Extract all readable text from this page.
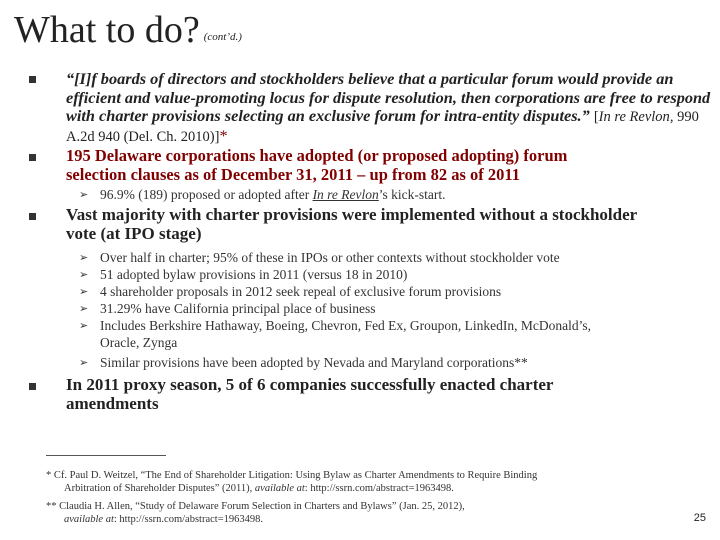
What to do? (cont’d.)
“[I]f boards of directors and stockholders believe that a particular forum would provide an efficient and value-promoting locus for dispute resolution, then corporations are free to respond with charter provisions selecting an exclusive forum for intra-entity disputes.” [In re Revlon, 990 A.2d 940 (Del. Ch. 2010)]*
195 Delaware corporations have adopted (or proposed adopting) forum
selection clauses as of December 31, 2011 – up from 82 as of 2011
➢ 96.9% (189) proposed or adopted after In re Revlon’s kick-start.
Vast majority with charter provisions were implemented without a stockholder
vote (at IPO stage)
➢ Over half in charter; 95% of these in IPOs or other contexts without stockholder vote
➢ 51 adopted bylaw provisions in 2011 (versus 18 in 2010)
➢ 4 shareholder proposals in 2012 seek repeal of exclusive forum provisions
➢ 31.29% have California principal place of business
➢ Includes Berkshire Hathaway, Boeing, Chevron, Fed Ex, Groupon, LinkedIn, McDonald’s,
Oracle, Zynga
➢ Similar provisions have been adopted by Nevada and Maryland corporations**
In 2011 proxy season, 5 of 6 companies successfully enacted charter
amendments
* Cf. Paul D. Weitzel, “The End of Shareholder Litigation: Using Bylaw as Charter Amendments to Require Binding
Arbitration of Shareholder Disputes” (2011), available at: http://ssrn.com/abstract=1963498.
** Claudia H. Allen, “Study of Delaware Forum Selection in Charters and Bylaws” (Jan. 25, 2012),
available at: http://ssrn.com/abstract=1963498.	25
